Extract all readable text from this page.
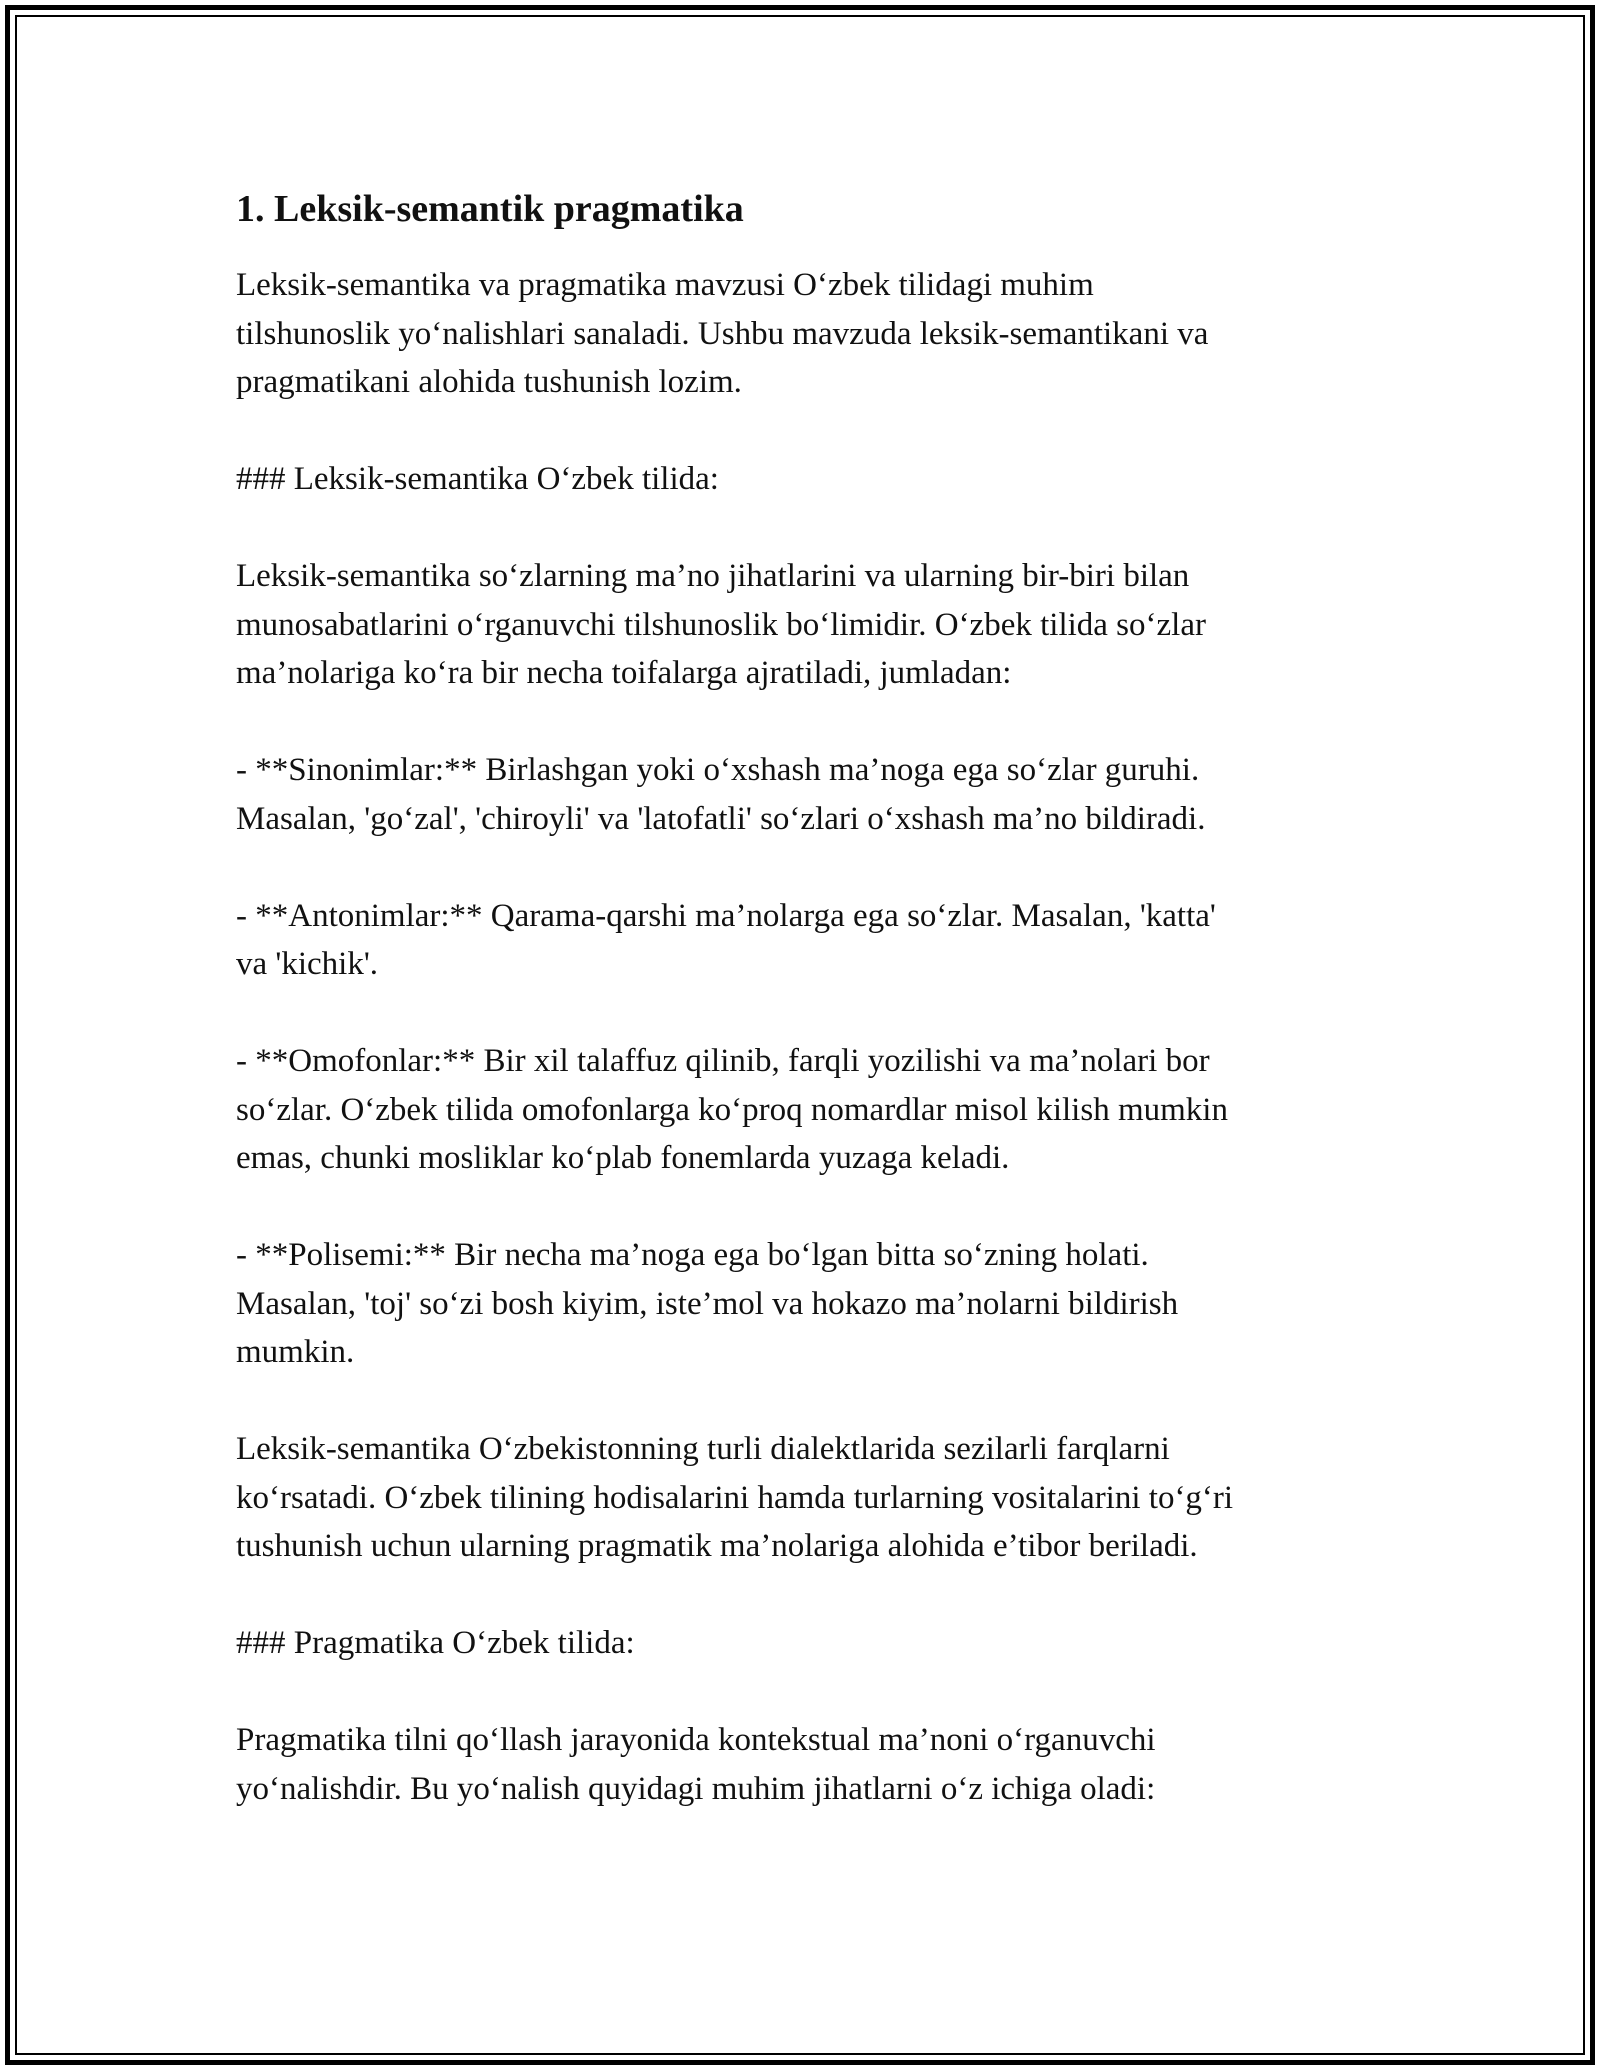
1. Leksik-semantik pragmatika

Leksik-semantika va pragmatika mavzusi O‘zbek tilidagi muhim
tilshunoslik yo‘nalishlari sanaladi. Ushbu mavzuda leksik-semantikani va
pragmatikani alohida tushunish lozim.

### Leksik-semantika O‘zbek tilida:

Leksik-semantika so‘zlarning ma’no jihatlarini va ularning bir-biri bilan
munosabatlarini o‘rganuvchi tilshunoslik bo‘limidir. O‘zbek tilida so‘zlar
ma’nolariga ko‘ra bir necha toifalarga ajratiladi, jumladan:

- **Sinonimlar:** Birlashgan yoki o‘xshash ma’noga ega so‘zlar guruhi.
Masalan, 'go‘zal', 'chiroyli' va 'latofatli' so‘zlari o‘xshash ma’no bildiradi.

- **Antonimlar:** Qarama-qarshi ma’nolarga ega so‘zlar. Masalan, 'katta'
va 'kichik'.

- **Omofonlar:** Bir xil talaffuz qilinib, farqli yozilishi va ma’nolari bor
so‘zlar. O‘zbek tilida omofonlarga ko‘proq nomardlar misol kilish mumkin
emas, chunki mosliklar ko‘plab fonemlarda yuzaga keladi.

- **Polisemi:** Bir necha ma’noga ega bo‘lgan bitta so‘zning holati.
Masalan, 'toj' so‘zi bosh kiyim, iste’mol va hokazo ma’nolarni bildirish
mumkin.

Leksik-semantika O‘zbekistonning turli dialektlarida sezilarli farqlarni
ko‘rsatadi. O‘zbek tilining hodisalarini hamda turlarning vositalarini to‘g‘ri
tushunish uchun ularning pragmatik ma’nolariga alohida e’tibor beriladi.

### Pragmatika O‘zbek tilida:

Pragmatika tilni qo‘llash jarayonida kontekstual ma’noni o‘rganuvchi
yo‘nalishdir. Bu yo‘nalish quyidagi muhim jihatlarni o‘z ichiga oladi:
